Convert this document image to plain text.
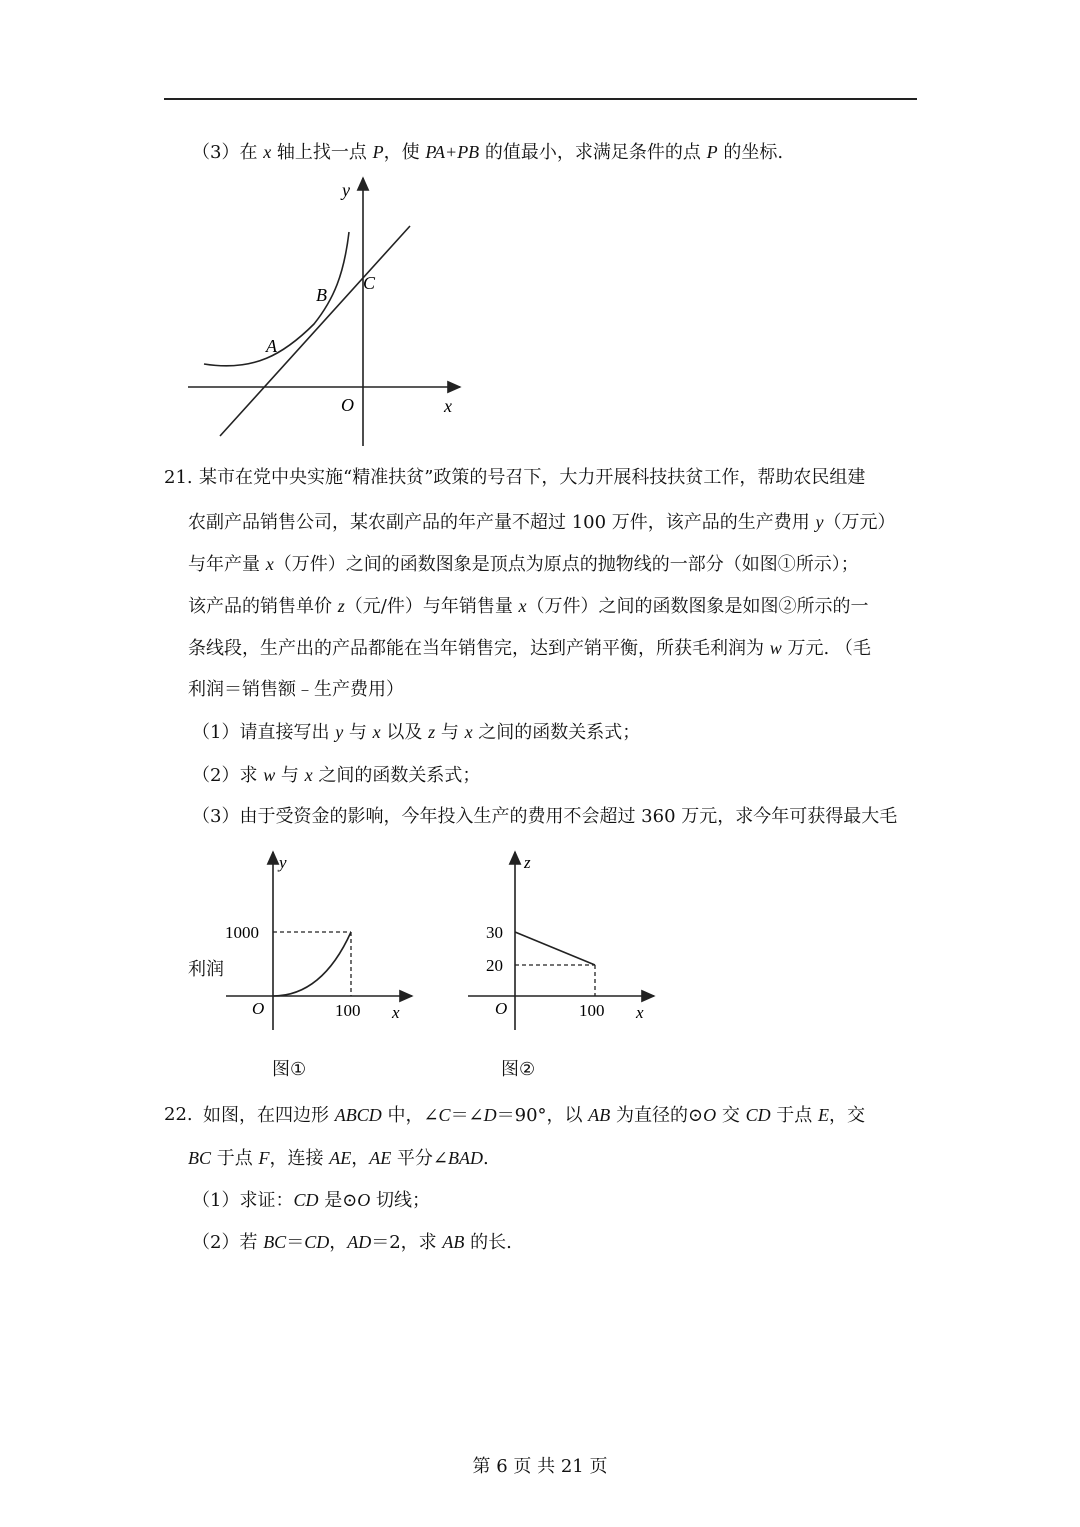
（3）在 x 轴上找一点 P，使 PA+PB 的值最小，求满足条件的点 P 的坐标.
y
x
O
A
B
C
21. 某市在党中央实施“精准扶贫”政策的号召下，大力开展科技扶贫工作，帮助农民组建
农副产品销售公司，某农副产品的年产量不超过 100 万件，该产品的生产费用 y（万元）
与年产量 x（万件）之间的函数图象是顶点为原点的抛物线的一部分（如图①所示）；
该产品的销售单价 z（元/件）与年销售量 x（万件）之间的函数图象是如图②所示的一
条线段，生产出的产品都能在当年销售完，达到产销平衡，所获毛利润为 w 万元. （毛
利润＝销售额﹣生产费用）
（1）请直接写出 y 与 x 以及 z 与 x 之间的函数关系式；
（2）求 w 与 x 之间的函数关系式；
（3）由于受资金的影响，今年投入生产的费用不会超过 360 万元，求今年可获得最大毛
利润
y
x
O
1000
100
图①
z
x
O
30
20
100
图②
22. 如图，在四边形 ABCD 中，∠C＝∠D＝90°，以 AB 为直径的⊙O 交 CD 于点 E，交
BC 于点 F，连接 AE，AE 平分∠BAD.
（1）求证：CD 是⊙O 切线；
（2）若 BC＝CD，AD＝2，求 AB 的长.
第 6 页 共 21 页
